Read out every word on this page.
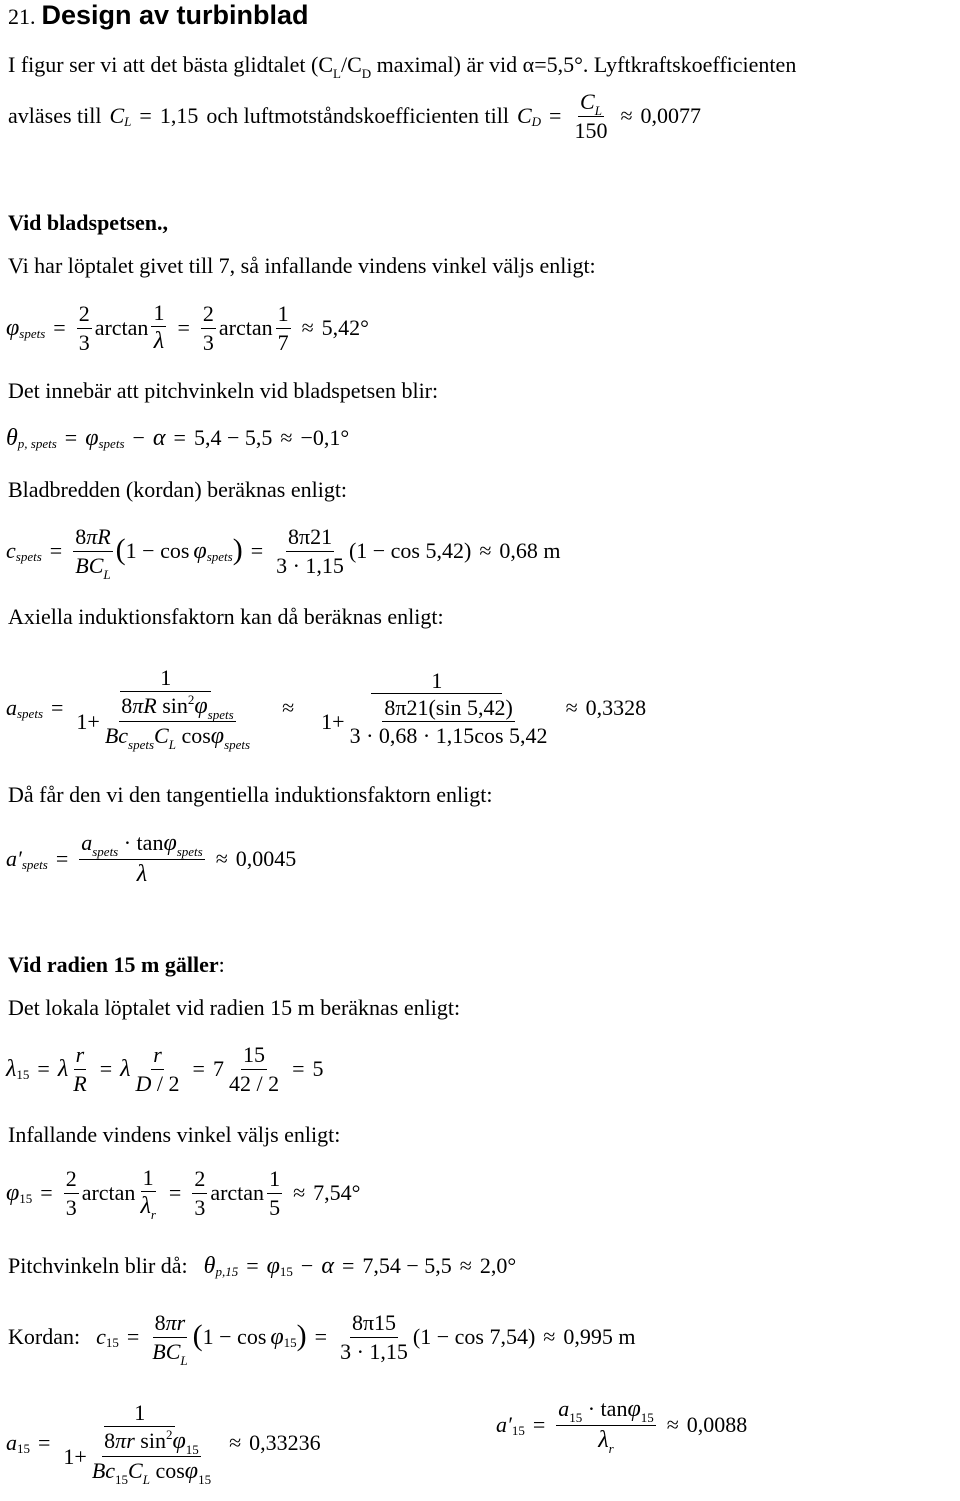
21. Design av turbinblad
I figur ser vi att det bästa glidtalet ($C_L/C_D$ maximal) är vid α=5,5°. Lyftkraftskoefficienten
avläses till C L = 1,15 och luftmotståndskoefficienten till C $D = \frac{C_L}{150} \approx 0,0077$
Vid bladspetsen.,
Vi har löptalet givet till 7, så infallande vindens vinkel väljs enligt:
φ spets = $\frac{2}{3}$ $\arctan \frac{1}{\lambda} = \frac{2}{3}$ $\arctan \frac{1}{7} \approx 5,42^\circ$
Det innebär att pitchvinkeln vid bladspetsen blir:
θ p, spets = φ spets − α = 5,4 − 5,5 ≈ −0,1°
Bladbredden (kordan) beräknas enligt:
c spets = $\frac{8\pi R}{BC_L}$ ( 1 − cos φ spets ) = $\frac{8\pi 21}{3 \cdot 1,15} (1 - \cos 5,42) \approx 0,68$ m
Axiella induktionsfaktorn kan då beräknas enligt:
a spets = $\frac{1}{1+ \frac{8\pi R \sin^2\varphi_{spets}}{Bc_{spets}C_L \cos\varphi_{spets}}}$ ≈
1
$1+ \frac{8\pi 21(\sin 5,42)}{3 \cdot 0,68 \cdot 1,15\cos 5,42} \approx 0,3328$
Då får den vi den tangentiella induktionsfaktorn enligt:
a′ spets = $\frac{a_{spets} \cdot \tan\varphi_{spets}}{\lambda} \approx 0,0045$
Vid radien 15 m gäller:
Det lokala löptalet vid radien 15 m beräknas enligt:
λ 15 = λ $\frac{r}{R} = \lambda \frac{r}{D / 2} = 7 \frac{15}{42 / 2} = 5$
Infallande vindens vinkel väljs enligt:
φ $15 = \frac{2}{3}$ $\arctan \frac{1}{\lambda_r} = \frac{2}{3}$ $\arctan \frac{1}{5} \approx 7,54^\circ$
Pitchvinkeln blir då: θ p,15 = φ 15 − α = 7,54 − 5,5 ≈ 2,0°
Kordan: c $15 = \frac{8\pi r}{BC_L}$ ( 1 − cos φ 15 ) = $\frac{8\pi 15}{3 \cdot 1,15} (1 - \cos 7,54) \approx 0,995$ m
a $15 = \frac{1}{1+ \frac{8\pi r \sin^2\varphi_{15}}{Bc_{15}C_L \cos\varphi_{15}}} \approx 0,33236$
a′ $15 = \frac{a_{15} \cdot \tan\varphi_{15}}{\lambda_r} \approx 0,0088$
